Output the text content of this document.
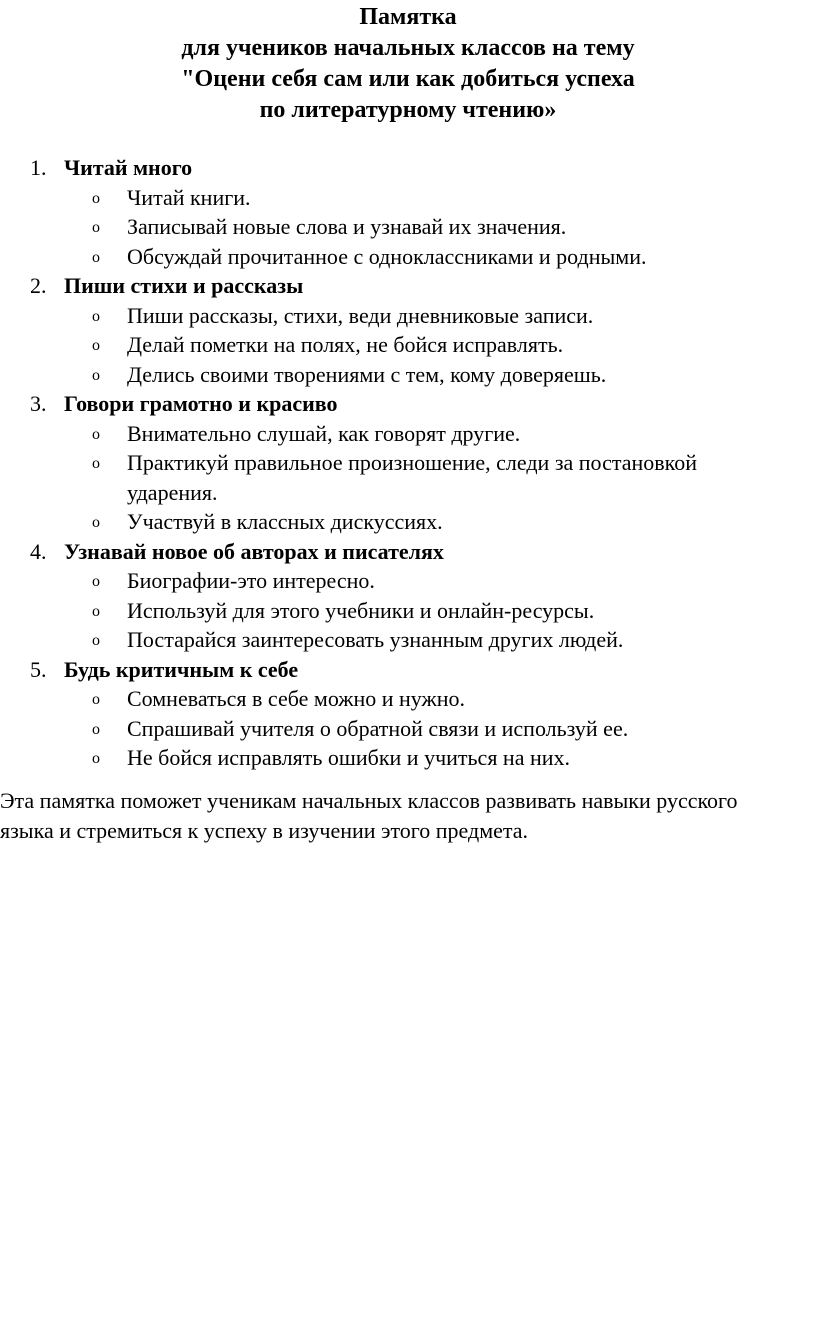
Памятка
для учеников начальных классов на тему
"Оцени себя сам или как добиться успеха
по литературному чтению»
1. Читай много
o Читай книги.
o Записывай новые слова и узнавай их значения.
o Обсуждай прочитанное с одноклассниками и родными.
2. Пиши стихи и рассказы
o Пиши рассказы, стихи, веди дневниковые записи.
o Делай пометки на полях, не бойся исправлять.
o Делись своими творениями с тем, кому доверяешь.
3. Говори грамотно и красиво
o Внимательно слушай, как говорят другие.
o Практикуй правильное произношение, следи за постановкой ударения.
o Участвуй в классных дискуссиях.
4. Узнавай новое об авторах и писателях
o Биографии-это интересно.
o Используй для этого учебники и онлайн-ресурсы.
o Постарайся заинтересовать узнанным других людей.
5. Будь критичным к себе
o Сомневаться в себе можно и нужно.
o Спрашивай учителя о обратной связи и используй ее.
o Не бойся исправлять ошибки и учиться на них.

Эта памятка поможет ученикам начальных классов развивать навыки русского языка и стремиться к успеху в изучении этого предмета.
